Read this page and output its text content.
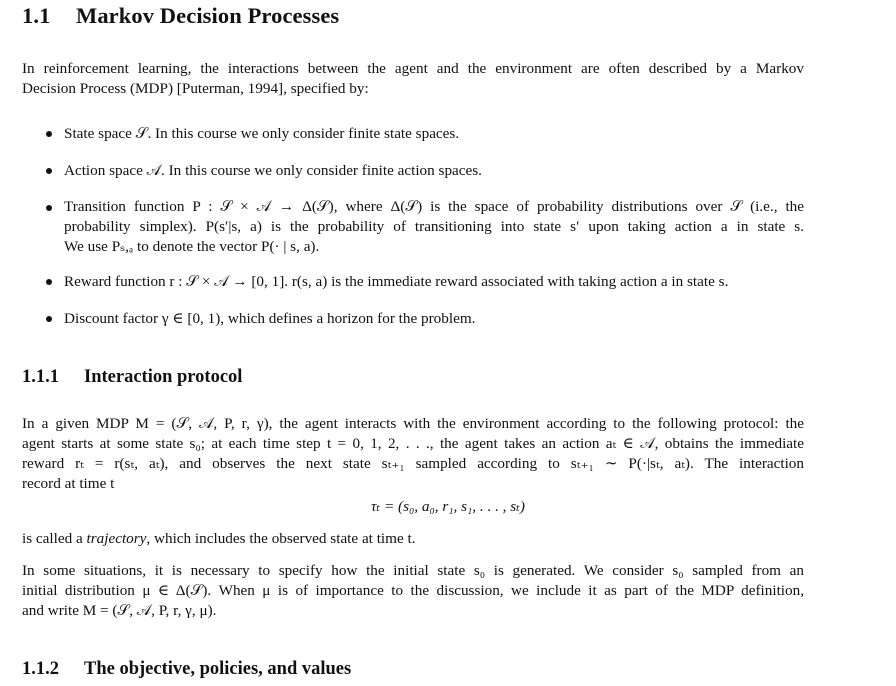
1.1 Markov Decision Processes

In reinforcement learning, the interactions between the agent and the environment are often described by a Markov

Decision Process (MDP) [Puterman, 1994], specified by:

State space 𝒮. In this course we only consider finite state spaces.

Action space 𝒜. In this course we only consider finite action spaces.

Transition function P : 𝒮 × 𝒜 → Δ(𝒮), where Δ(𝒮) is the space of probability distributions over 𝒮 (i.e., the

probability simplex). P(s′|s, a) is the probability of transitioning into state s′ upon taking action a in state s.

We use Pₛ,ₐ to denote the vector P(· | s, a).

Reward function r : 𝒮 × 𝒜 → [0, 1]. r(s, a) is the immediate reward associated with taking action a in state s.

Discount factor γ ∈ [0, 1), which defines a horizon for the problem.

1.1.1 Interaction protocol

In a given MDP M = (𝒮, 𝒜, P, r, γ), the agent interacts with the environment according to the following protocol: the

agent starts at some state s₀; at each time step t = 0, 1, 2, . . ., the agent takes an action aₜ ∈ 𝒜, obtains the immediate

reward rₜ = r(sₜ, aₜ), and observes the next state sₜ₊₁ sampled according to sₜ₊₁ ∼ P(·|sₜ, aₜ). The interaction

record at time t

τₜ = (s₀, a₀, r₁, s₁, . . . , sₜ)

is called a trajectory, which includes the observed state at time t.

In some situations, it is necessary to specify how the initial state s₀ is generated. We consider s₀ sampled from an

initial distribution μ ∈ Δ(𝒮). When μ is of importance to the discussion, we include it as part of the MDP definition,

and write M = (𝒮, 𝒜, P, r, γ, μ).

1.1.2 The objective, policies, and values
